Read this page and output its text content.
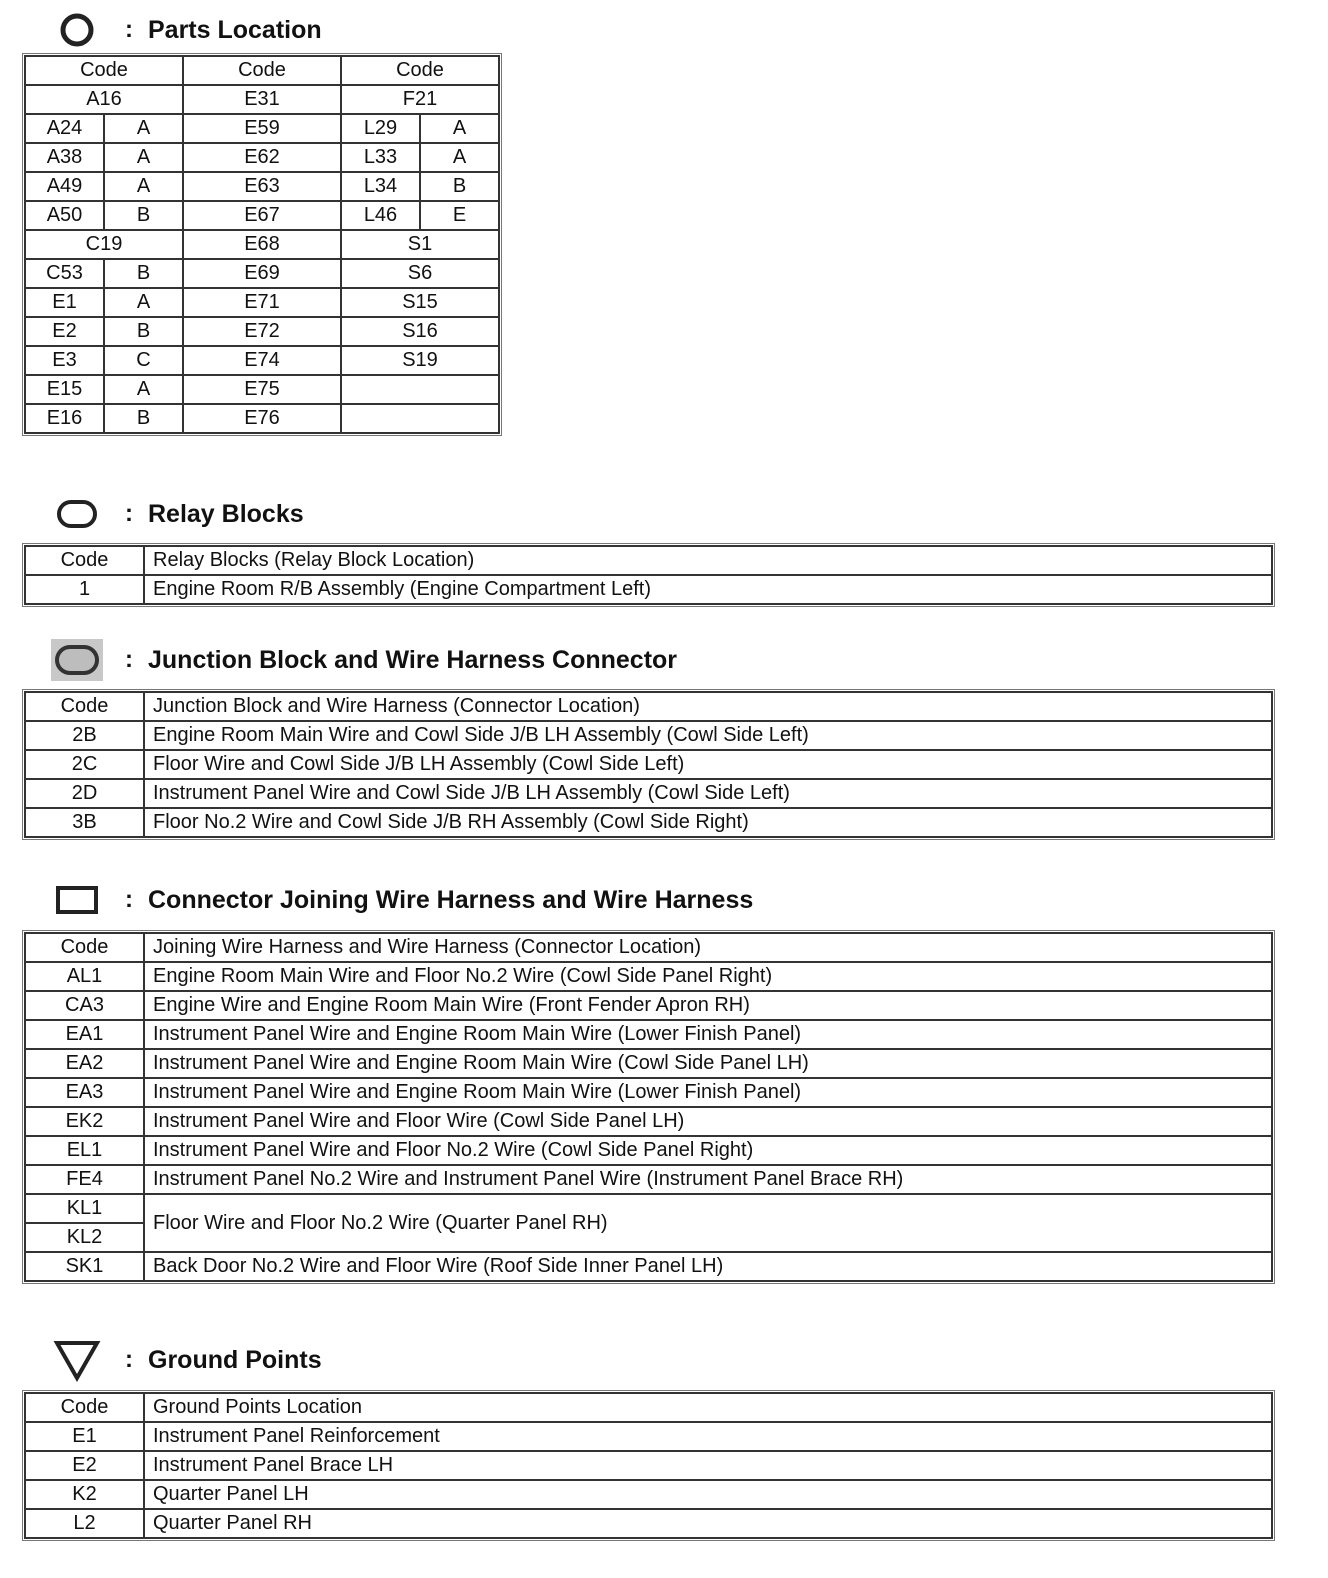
: Parts Location
Code		Code	Code	
A16		E31	F21	
A24	A	E59	L29	A
A38	A	E62	L33	A
A49	A	E63	L34	B
A50	B	E67	L46	E
C19		E68	S1	
C53	B	E69	S6	
E1	A	E71	S15	
E2	B	E72	S16	
E3	C	E74	S19	
E15	A	E75		
E16	B	E76		
: Relay Blocks
Code	Relay Blocks (Relay Block Location)
1	Engine Room R/B Assembly (Engine Compartment Left)
: Junction Block and Wire Harness Connector
Code	Junction Block and Wire Harness (Connector Location)
2B	Engine Room Main Wire and Cowl Side J/B LH Assembly (Cowl Side Left)
2C	Floor Wire and Cowl Side J/B LH Assembly (Cowl Side Left)
2D	Instrument Panel Wire and Cowl Side J/B LH Assembly (Cowl Side Left)
3B	Floor No.2 Wire and Cowl Side J/B RH Assembly (Cowl Side Right)
: Connector Joining Wire Harness and Wire Harness
Code	Joining Wire Harness and Wire Harness (Connector Location)
AL1	Engine Room Main Wire and Floor No.2 Wire (Cowl Side Panel Right)
CA3	Engine Wire and Engine Room Main Wire (Front Fender Apron RH)
EA1	Instrument Panel Wire and Engine Room Main Wire (Lower Finish Panel)
EA2	Instrument Panel Wire and Engine Room Main Wire (Cowl Side Panel LH)
EA3	Instrument Panel Wire and Engine Room Main Wire (Lower Finish Panel)
EK2	Instrument Panel Wire and Floor Wire (Cowl Side Panel LH)
EL1	Instrument Panel Wire and Floor No.2 Wire (Cowl Side Panel Right)
FE4	Instrument Panel No.2 Wire and Instrument Panel Wire (Instrument Panel Brace RH)
KL1	Floor Wire and Floor No.2 Wire (Quarter Panel RH)
KL2	
SK1	Back Door No.2 Wire and Floor Wire (Roof Side Inner Panel LH)
: Ground Points
Code	Ground Points Location
E1	Instrument Panel Reinforcement
E2	Instrument Panel Brace LH
K2	Quarter Panel LH
L2	Quarter Panel RH
